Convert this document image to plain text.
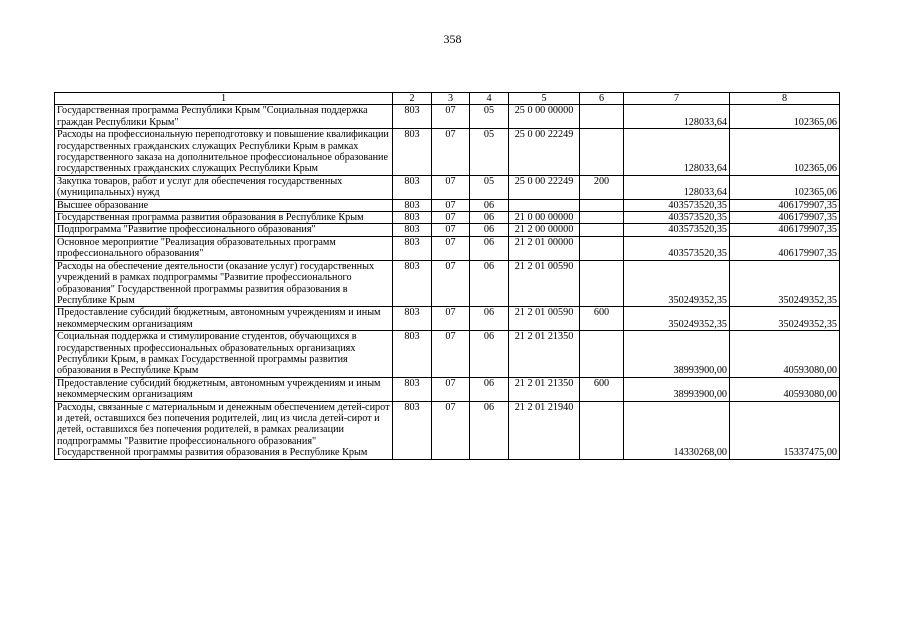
358
1	2	3	4	5	6	7	8
Государственная программа Республики Крым "Социальная поддержка граждан Республики Крым"	803	07	05	25 0 00 00000		128033,64	102365,06
Расходы на профессиональную переподготовку и повышение квалификации государственных гражданских служащих Республики Крым в рамках государственного заказа на дополнительное профессиональное образование государственных гражданских служащих Республики Крым	803	07	05	25 0 00 22249		128033,64	102365,06
Закупка товаров, работ и услуг для обеспечения государственных (муниципальных) нужд	803	07	05	25 0 00 22249	200	128033,64	102365,06
Высшее образование	803	07	06			403573520,35	406179907,35
Государственная программа развития образования в Республике Крым	803	07	06	21 0 00 00000		403573520,35	406179907,35
Подпрограмма "Развитие профессионального образования"	803	07	06	21 2 00 00000		403573520,35	406179907,35
Основное мероприятие "Реализация образовательных программ профессионального образования"	803	07	06	21 2 01 00000		403573520,35	406179907,35
Расходы на обеспечение деятельности (оказание услуг) государственных учреждений в рамках подпрограммы "Развитие профессионального образования" Государственной программы развития образования в Республике Крым	803	07	06	21 2 01 00590		350249352,35	350249352,35
Предоставление субсидий бюджетным, автономным учреждениям и иным некоммерческим организациям	803	07	06	21 2 01 00590	600	350249352,35	350249352,35
Социальная поддержка и стимулирование студентов, обучающихся в государственных профессиональных образовательных организациях Республики Крым, в рамках Государственной программы развития образования в Республике Крым	803	07	06	21 2 01 21350		38993900,00	40593080,00
Предоставление субсидий бюджетным, автономным учреждениям и иным некоммерческим организациям	803	07	06	21 2 01 21350	600	38993900,00	40593080,00
Расходы, связанные с материальным и денежным обеспечением детей-сирот и детей, оставшихся без попечения родителей, лиц из числа детей-сирот и детей, оставшихся без попечения родителей, в рамках реализации подпрограммы "Развитие профессионального образования" Государственной программы развития образования в Республике Крым	803	07	06	21 2 01 21940		14330268,00	15337475,00
